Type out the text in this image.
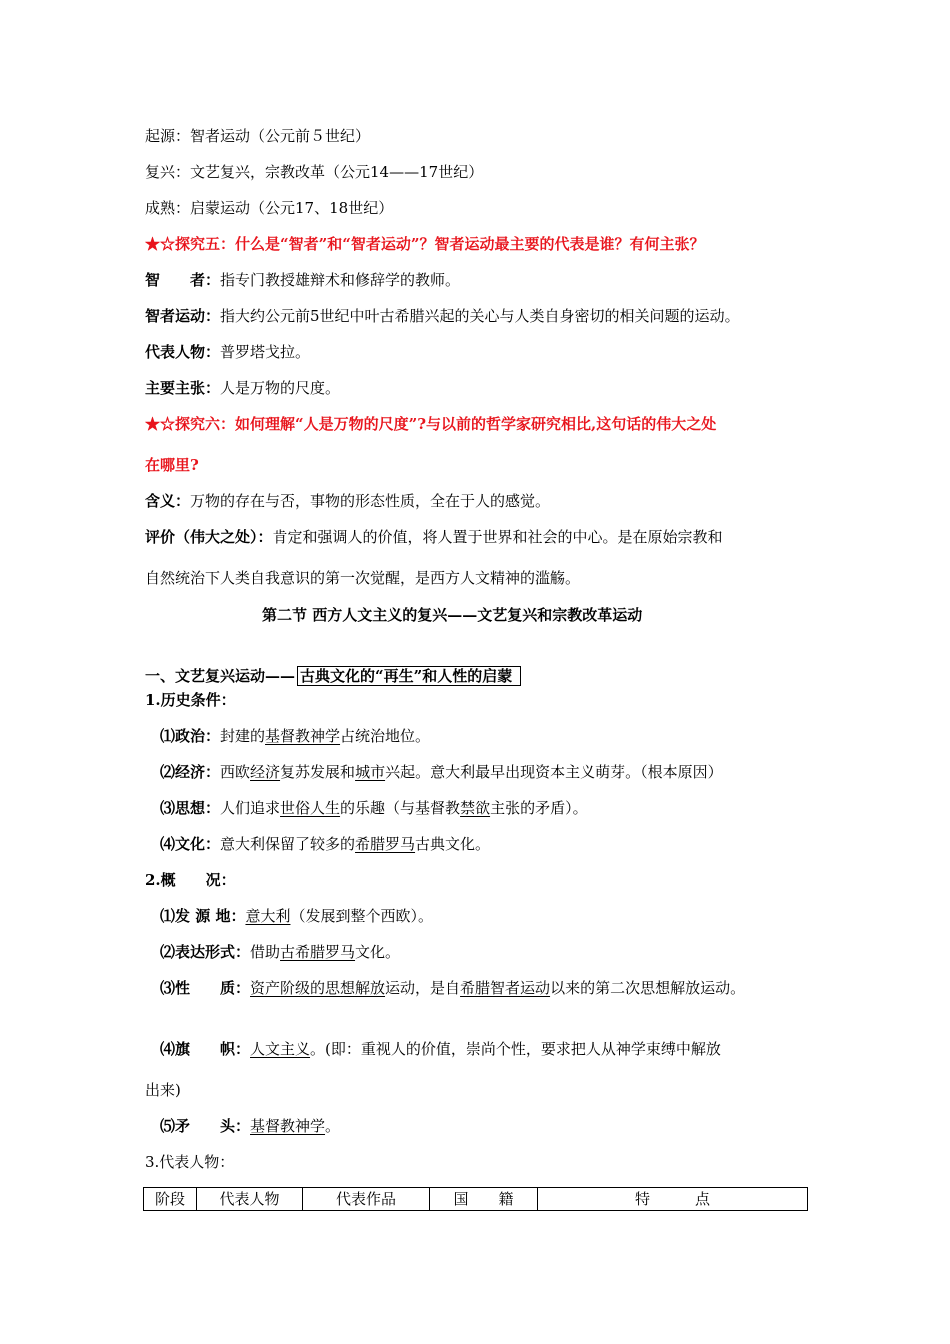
起源：智者运动（公元前５世纪）
复兴：文艺复兴，宗教改革（公元14——17世纪）
成熟：启蒙运动（公元17、18世纪）
★☆探究五：什么是“智者”和“智者运动”？智者运动最主要的代表是谁？有何主张？
智　　者：指专门教授雄辩术和修辞学的教师。
智者运动：指大约公元前5世纪中叶古希腊兴起的关心与人类自身密切的相关问题的运动。
代表人物：普罗塔戈拉。
主要主张：人是万物的尺度。
★☆探究六：如何理解“人是万物的尺度”?与以前的哲学家研究相比,这句话的伟大之处
在哪里?
含义：万物的存在与否，事物的形态性质，全在于人的感觉。
评价（伟大之处）：肯定和强调人的价值，将人置于世界和社会的中心。是在原始宗教和
自然统治下人类自我意识的第一次觉醒，是西方人文精神的滥觞。
第二节 西方人文主义的复兴——文艺复兴和宗教改革运动
一、文艺复兴运动—— 古典文化的“再生”和人性的启蒙
1.历史条件：
⑴政治：封建的基督教神学占统治地位。
⑵经济：西欧经济复苏发展和城市兴起。意大利最早出现资本主义萌芽。（根本原因）
⑶思想：人们追求世俗人生的乐趣（与基督教禁欲主张的矛盾）。
⑷文化：意大利保留了较多的希腊罗马古典文化。
2.概　　况：
⑴发 源 地：意大利（发展到整个西欧）。
⑵表达形式：借助古希腊罗马文化。
⑶性　　质：资产阶级的思想解放运动，是自希腊智者运动以来的第二次思想解放运动。
⑷旗　　帜：人文主义。(即：重视人的价值，崇尚个性，要求把人从神学束缚中解放
出来)
⑸矛　　头：基督教神学。
3.代表人物：
阶段	代表人物	代表作品	国　　籍	特　　　点
